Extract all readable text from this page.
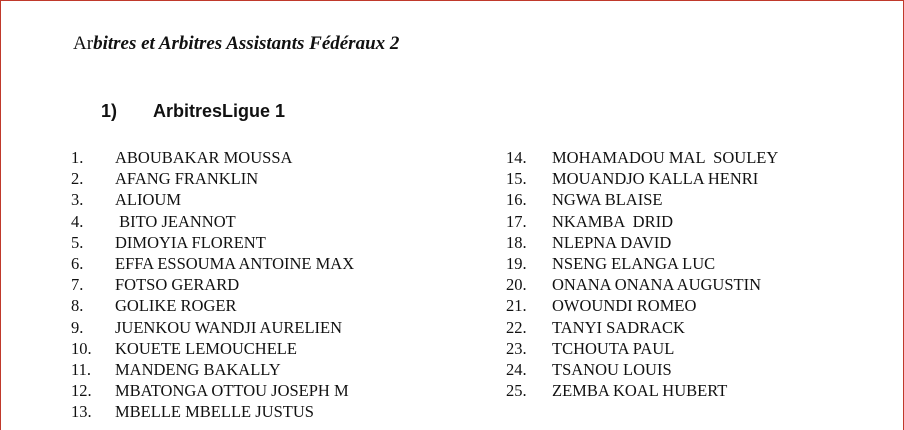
Arbitres et Arbitres Assistants Fédéraux 2
1) ArbitresLigue 1
1. ABOUBAKAR MOUSSA
2. AFANG FRANKLIN
3. ALIOUM
4. BITO JEANNOT
5. DIMOYIA FLORENT
6. EFFA ESSOUMA ANTOINE MAX
7. FOTSO GERARD
8. GOLIKE ROGER
9. JUENKOU WANDJI AURELIEN
10. KOUETE LEMOUCHELE
11. MANDENG BAKALLY
12. MBATONGA OTTOU JOSEPH M
13. MBELLE MBELLE JUSTUS
14. MOHAMADOU MAL  SOULEY
15. MOUANDJO KALLA HENRI
16. NGWA BLAISE
17. NKAMBA  DRID
18. NLEPNA DAVID
19. NSENG ELANGA LUC
20. ONANA ONANA AUGUSTIN
21. OWOUNDI ROMEO
22. TANYI SADRACK
23. TCHOUTA PAUL
24. TSANOU LOUIS
25. ZEMBA KOAL HUBERT
